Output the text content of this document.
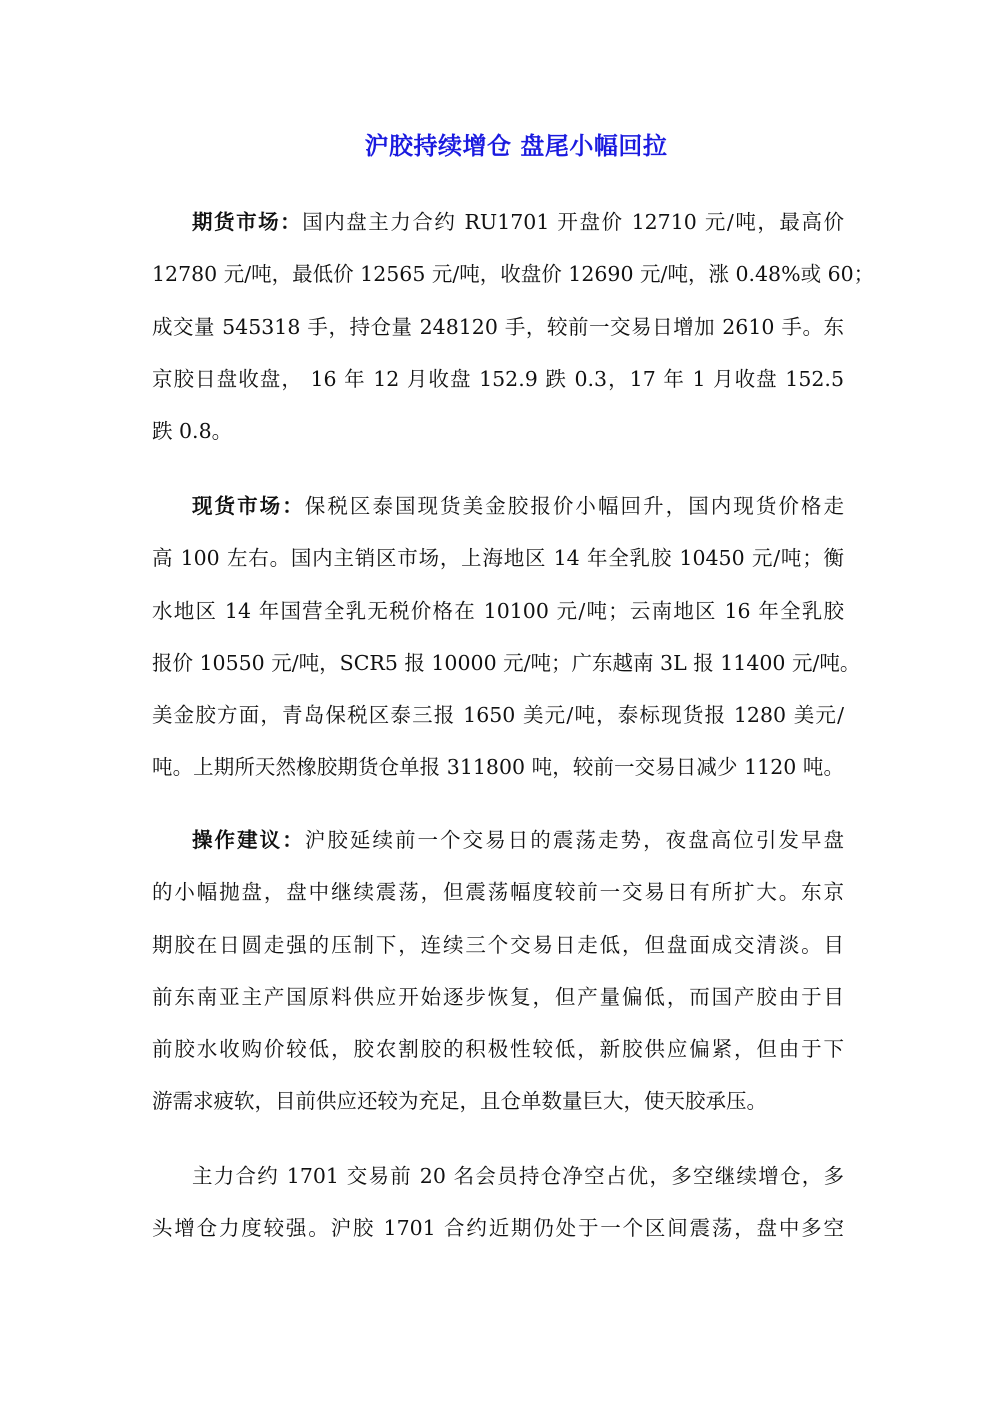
沪胶持续增仓 盘尾小幅回拉
期货市场：国内盘主力合约 RU1701 开盘价 12710 元/吨，最高价
12780 元/吨，最低价 12565 元/吨，收盘价 12690 元/吨，涨 0.48%或 60；
成交量 545318 手，持仓量 248120 手，较前一交易日增加 2610 手。东
京胶日盘收盘， 16 年 12 月收盘 152.9 跌 0.3，17 年 1 月收盘 152.5
跌 0.8。
现货市场：保税区泰国现货美金胶报价小幅回升，国内现货价格走
高 100 左右。国内主销区市场，上海地区 14 年全乳胶 10450 元/吨；衡
水地区 14 年国营全乳无税价格在 10100 元/吨；云南地区 16 年全乳胶
报价 10550 元/吨，SCR5 报 10000 元/吨；广东越南 3L 报 11400 元/吨。
美金胶方面，青岛保税区泰三报 1650 美元/吨，泰标现货报 1280 美元/
吨。上期所天然橡胶期货仓单报 311800 吨，较前一交易日减少 1120 吨。
操作建议：沪胶延续前一个交易日的震荡走势，夜盘高位引发早盘
的小幅抛盘，盘中继续震荡，但震荡幅度较前一交易日有所扩大。东京
期胶在日圆走强的压制下，连续三个交易日走低，但盘面成交清淡。目
前东南亚主产国原料供应开始逐步恢复，但产量偏低，而国产胶由于目
前胶水收购价较低，胶农割胶的积极性较低，新胶供应偏紧，但由于下
游需求疲软，目前供应还较为充足，且仓单数量巨大，使天胶承压。
主力合约 1701 交易前 20 名会员持仓净空占优，多空继续增仓，多
头增仓力度较强。沪胶 1701 合约近期仍处于一个区间震荡，盘中多空
